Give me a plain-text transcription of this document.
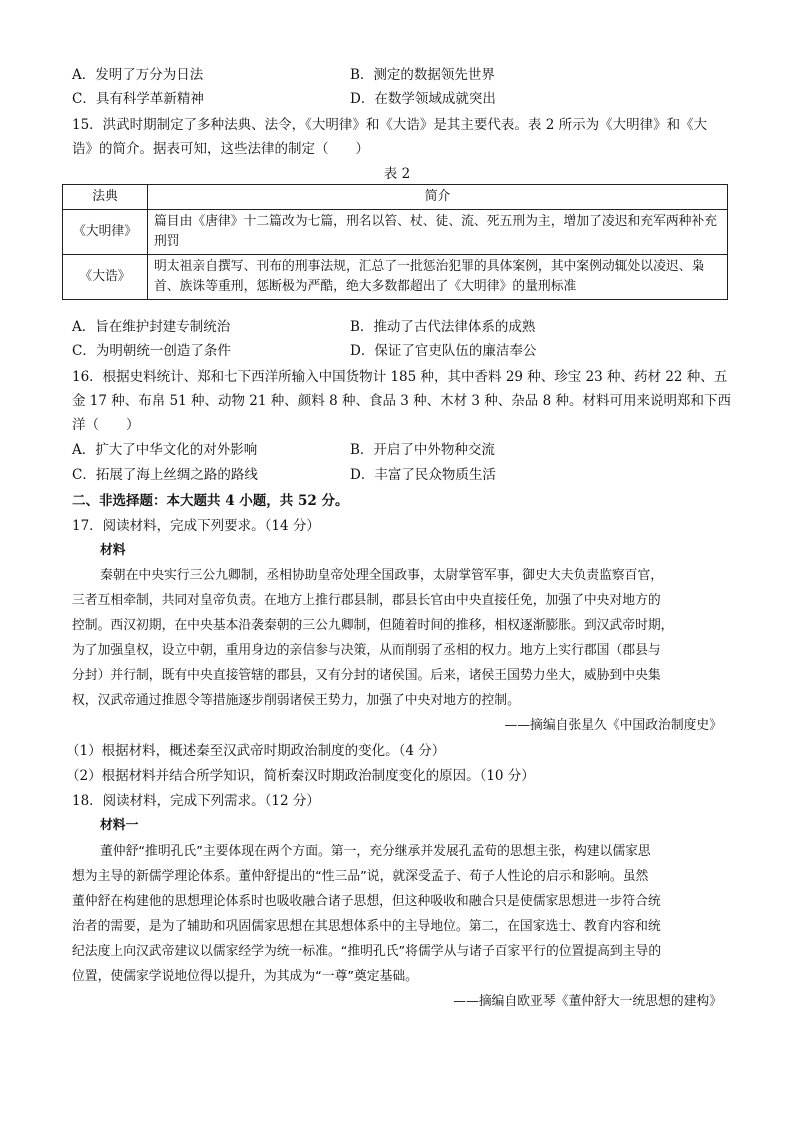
A．发明了万分为日法	B．测定的数据领先世界
C．具有科学革新精神	D．在数学领域成就突出
15．洪武时期制定了多种法典、法令，《大明律》和《大诰》是其主要代表。表 2 所示为《大明律》和《大
诰》的简介。据表可知，这些法律的制定（　　）
表 2
法典	简介
《大明律》	篇目由《唐律》十二篇改为七篇，刑名以笞、杖、徒、流、死五刑为主，增加了凌迟和充军两种补充刑罚
《大诰》	明太祖亲自撰写、刊布的刑事法规，汇总了一批惩治犯罪的具体案例，其中案例动辄处以凌迟、枭首、族诛等重刑，惩断极为严酷，绝大多数都超出了《大明律》的量刑标准
A．旨在维护封建专制统治	B．推动了古代法律体系的成熟
C．为明朝统一创造了条件	D．保证了官吏队伍的廉洁奉公
16．根据史料统计、郑和七下西洋所输入中国货物计 185 种，其中香料 29 种、珍宝 23 种、药材 22 种、五
金 17 种、布帛 51 种、动物 21 种、颜料 8 种、食品 3 种、木材 3 种、杂品 8 种。材料可用来说明郑和下西
洋（　　）
A．扩大了中华文化的对外影响	B．开启了中外物种交流
C．拓展了海上丝绸之路的路线	D．丰富了民众物质生活
二、非选择题：本大题共 4 小题，共 52 分。
17．阅读材料，完成下列要求。（14 分）
材料
秦朝在中央实行三公九卿制，丞相协助皇帝处理全国政事，太尉掌管军事，御史大夫负责监察百官，
三者互相牵制，共同对皇帝负责。在地方上推行郡县制，郡县长官由中央直接任免，加强了中央对地方的
控制。西汉初期，在中央基本沿袭秦朝的三公九卿制，但随着时间的推移，相权逐渐膨胀。到汉武帝时期，
为了加强皇权，设立中朝，重用身边的亲信参与决策，从而削弱了丞相的权力。地方上实行郡国（郡县与
分封）并行制，既有中央直接管辖的郡县，又有分封的诸侯国。后来，诸侯王国势力坐大，威胁到中央集
权，汉武帝通过推恩令等措施逐步削弱诸侯王势力，加强了中央对地方的控制。
——摘编自张星久《中国政治制度史》
（1）根据材料，概述秦至汉武帝时期政治制度的变化。（4 分）
（2）根据材料并结合所学知识，简析秦汉时期政治制度变化的原因。（10 分）
18．阅读材料，完成下列需求。（12 分）
材料一
董仲舒“推明孔氏”主要体现在两个方面。第一，充分继承并发展孔孟荀的思想主张，构建以儒家思
想为主导的新儒学理论体系。董仲舒提出的“性三品”说，就深受孟子、荀子人性论的启示和影响。虽然
董仲舒在构建他的思想理论体系时也吸收融合诸子思想，但这种吸收和融合只是使儒家思想进一步符合统
治者的需要，是为了辅助和巩固儒家思想在其思想体系中的主导地位。第二，在国家选士、教育内容和统
纪法度上向汉武帝建议以儒家经学为统一标准。“推明孔氏”将儒学从与诸子百家平行的位置提高到主导的
位置，使儒家学说地位得以提升，为其成为“一尊”奠定基础。
——摘编自欧亚琴《董仲舒大一统思想的建构》
